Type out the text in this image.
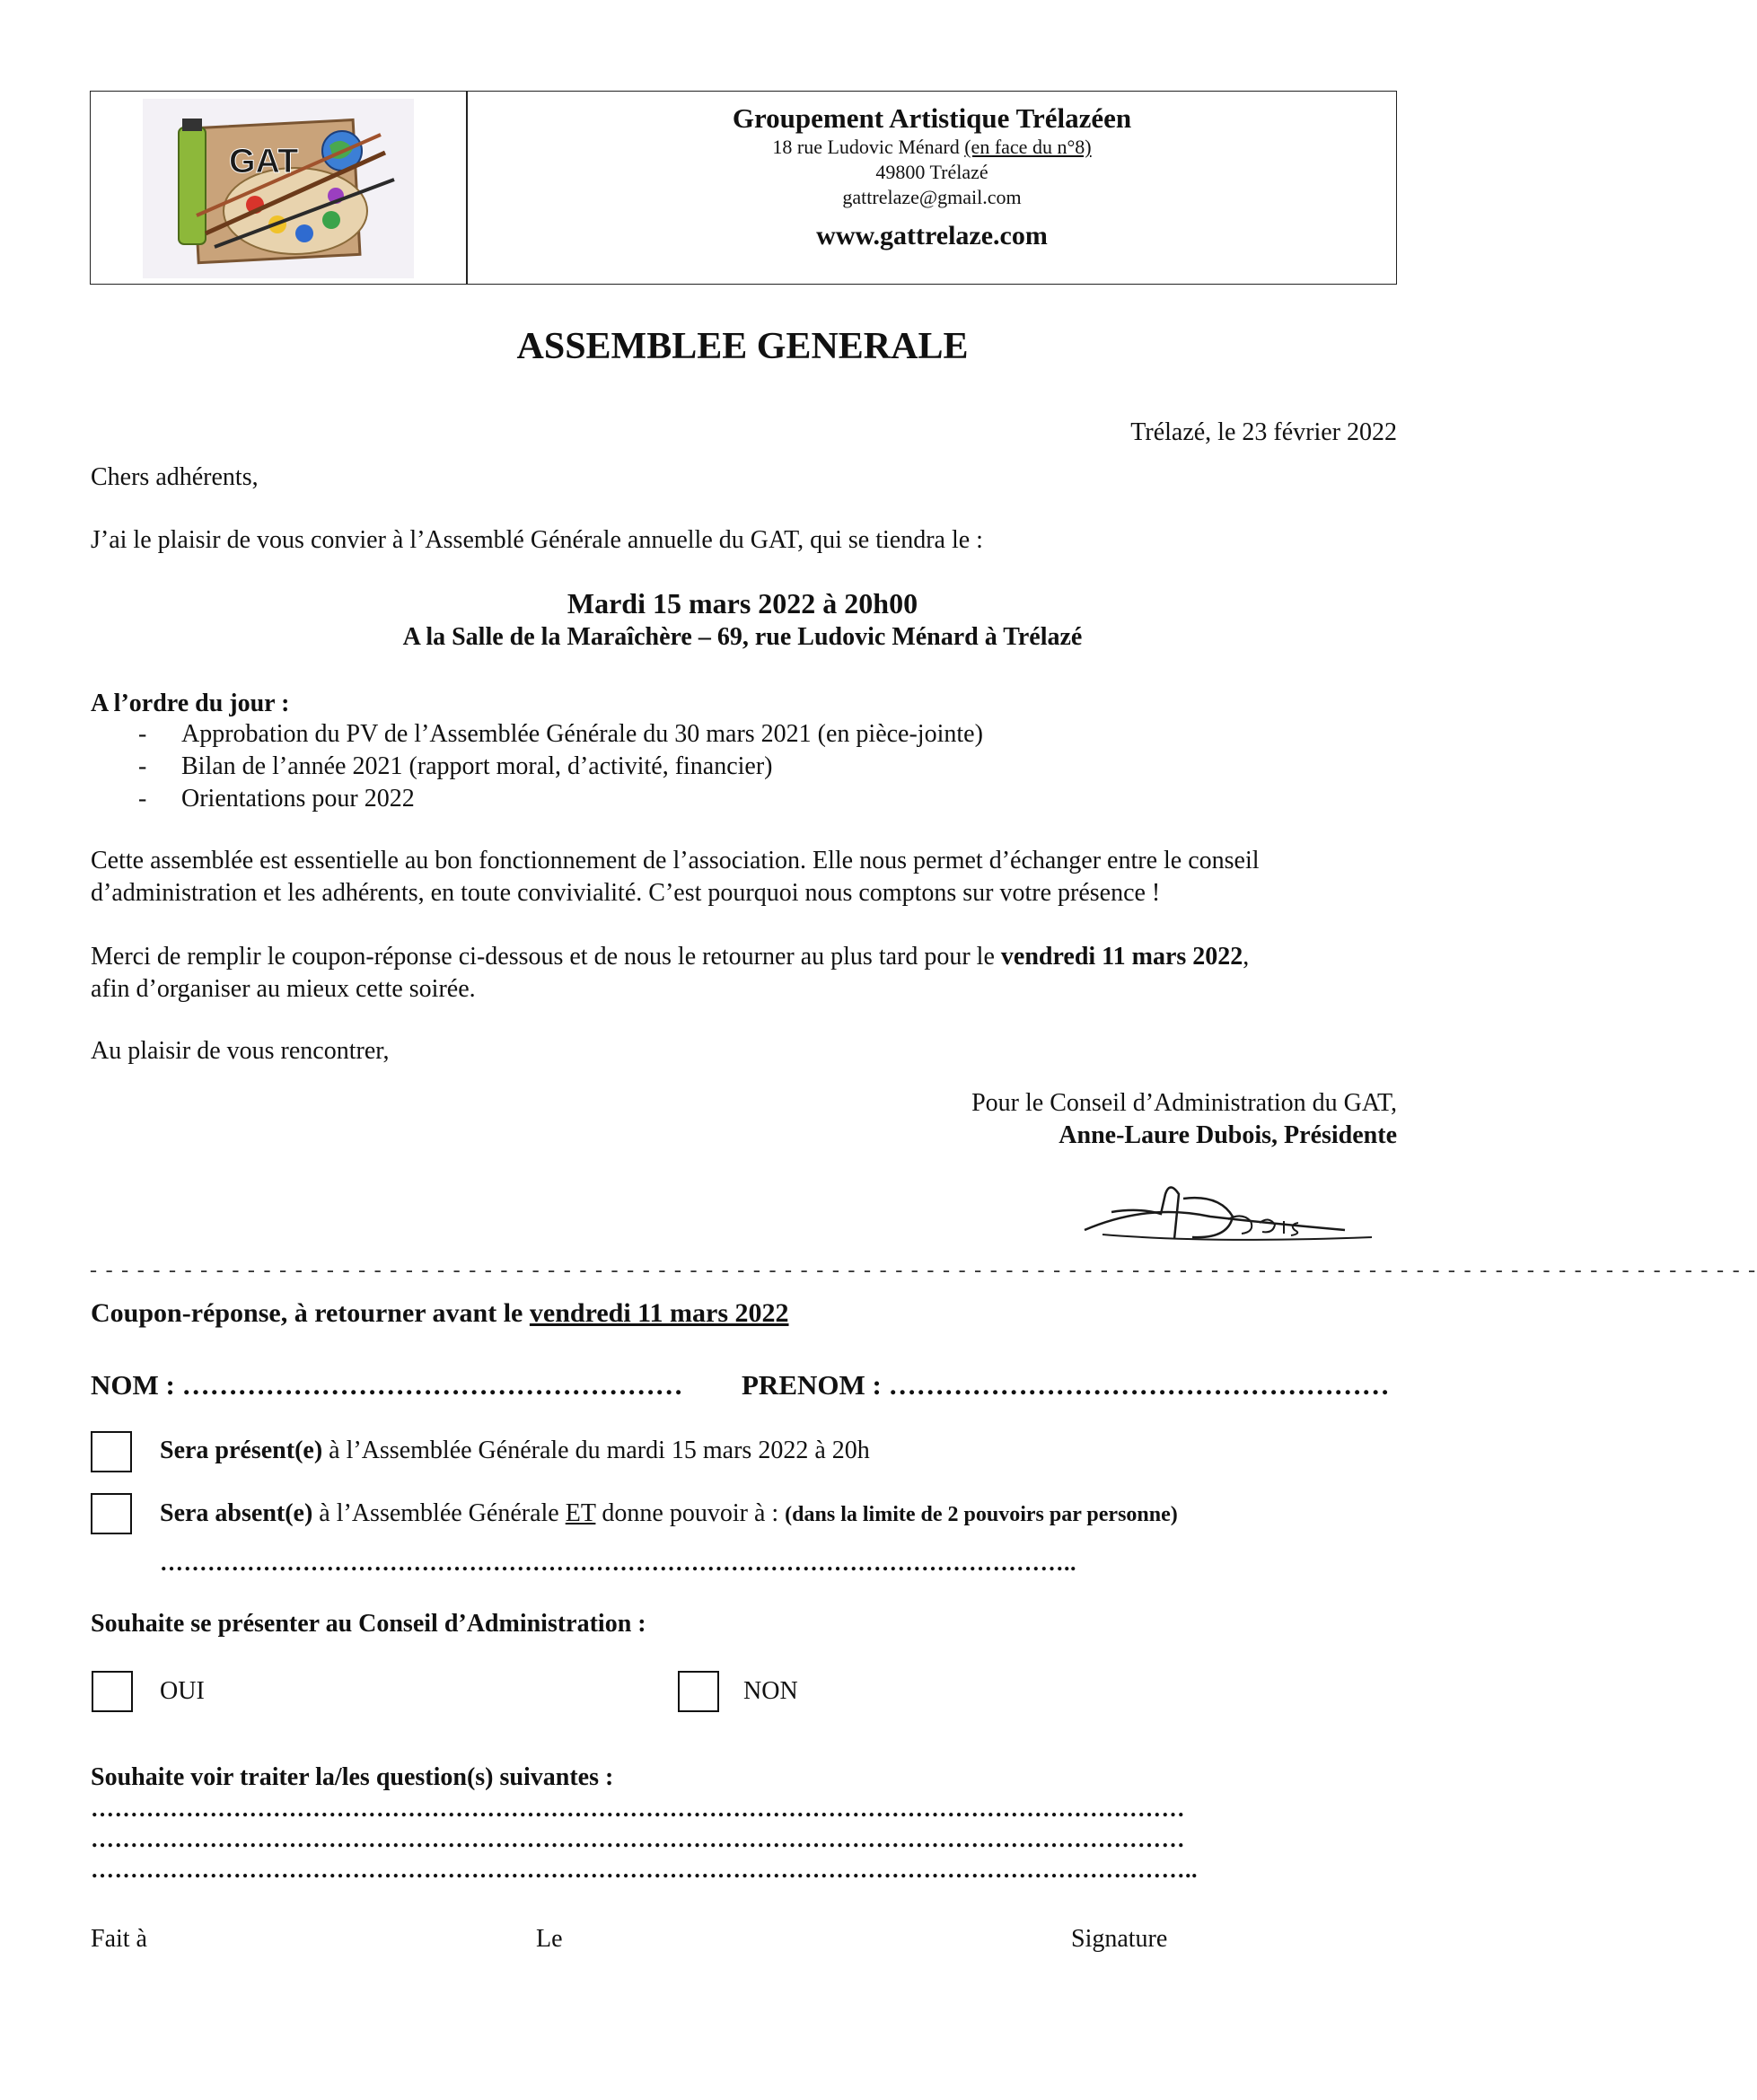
GAT
Groupement Artistique Trélazéen
18 rue Ludovic Ménard (en face du n°8)
49800 Trélazé
gattrelaze@gmail.com
www.gattrelaze.com
ASSEMBLEE GENERALE
Trélazé, le 23 février 2022
Chers adhérents,
J’ai le plaisir de vous convier à l’Assemblé Générale annuelle du GAT, qui se tiendra le :
Mardi 15 mars 2022 à 20h00
A la Salle de la Maraîchère – 69, rue Ludovic Ménard à Trélazé
A l’ordre du jour :
- Approbation du PV de l’Assemblée Générale du 30 mars 2021 (en pièce-jointe)
- Bilan de l’année 2021 (rapport moral, d’activité, financier)
- Orientations pour 2022
Cette assemblée est essentielle au bon fonctionnement de l’association. Elle nous permet d’échanger entre le conseil
d’administration et les adhérents, en toute convivialité. C’est pourquoi nous comptons sur votre présence !
Merci de remplir le coupon-réponse ci-dessous et de nous le retourner au plus tard pour le vendredi 11 mars 2022,
afin d’organiser au mieux cette soirée.
Au plaisir de vous rencontrer,
Pour le Conseil d’Administration du GAT,
Anne-Laure Dubois, Présidente
- - - - - - - - - - - - - - - - - - - - - - - - - - - - - - - - - - - - - - - - - - - - - - - - - - - - - - - - - - - - - - - - - - - - - - - - - - - - - - - - - - - - - - - - - - - - - - - - - - - - - - - - - -
Coupon-réponse, à retourner avant le vendredi 11 mars 2022
NOM : ……………………………………………… PRENOM : ………………………………………………
Sera présent(e) à l’Assemblée Générale du mardi 15 mars 2022 à 20h
Sera absent(e) à l’Assemblée Générale ET donne pouvoir à : (dans la limite de 2 pouvoirs par personne)
……………………………………………………………………………………………………..
Souhaite se présenter au Conseil d’Administration :
OUI	NON
Souhaite voir traiter la/les question(s) suivantes :
…………………………………………………………………………………………………………………………
…………………………………………………………………………………………………………………………
…………………………………………………………………………………………………………………………..
Fait à	Le	Signature
